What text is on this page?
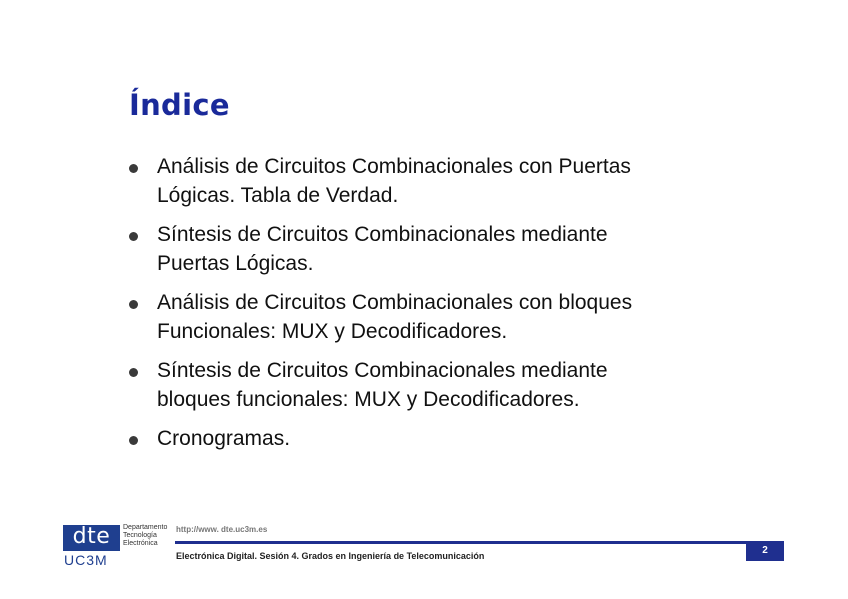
Índice
Análisis de Circuitos Combinacionales con Puertas
Lógicas. Tabla de Verdad.
Síntesis de Circuitos Combinacionales mediante
Puertas Lógicas.
Análisis de Circuitos Combinacionales con bloques
Funcionales: MUX y Decodificadores.
Síntesis de Circuitos Combinacionales mediante
bloques funcionales: MUX y Decodificadores.
Cronogramas.
dte	Departamento
Tecnología
Electrónica
UC3M
http://www. dte.uc3m.es
Electrónica Digital. Sesión 4. Grados en Ingeniería de Telecomunicación	2
